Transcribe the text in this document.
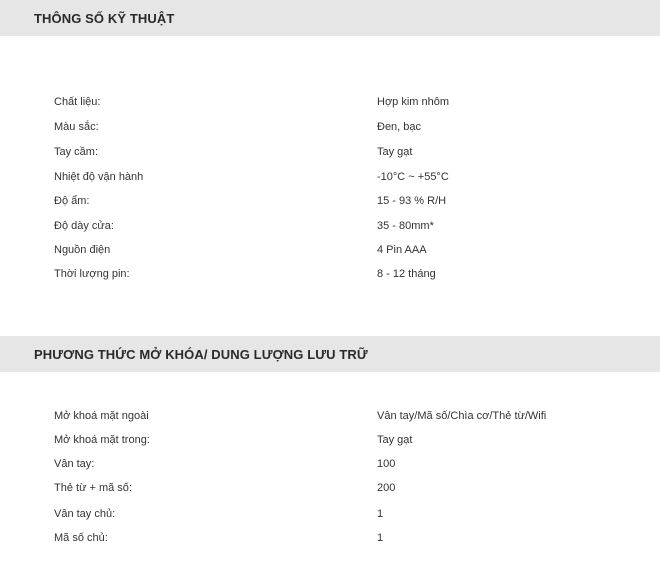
THÔNG SỐ KỸ THUẬT
Chất liệu:	Hợp kim nhôm
Màu sắc:	Đen, bạc
Tay cầm:	Tay gạt
Nhiệt độ vận hành	-10°C ~ +55°C
Độ ẩm:	15 - 93 % R/H
Độ dày cửa:	35 - 80mm*
Nguồn điện	4 Pin AAA
Thời lượng pin:	8 - 12 tháng
PHƯƠNG THỨC MỞ KHÓA/ DUNG LƯỢNG LƯU TRỮ
Mở khoá mặt ngoài	Vân tay/Mã số/Chìa cơ/Thẻ từ/Wifi
Mở khoá mặt trong:	Tay gạt
Vân tay:	100
Thẻ từ + mã số:	200
Vân tay chủ:	1
Mã số chủ:	1
